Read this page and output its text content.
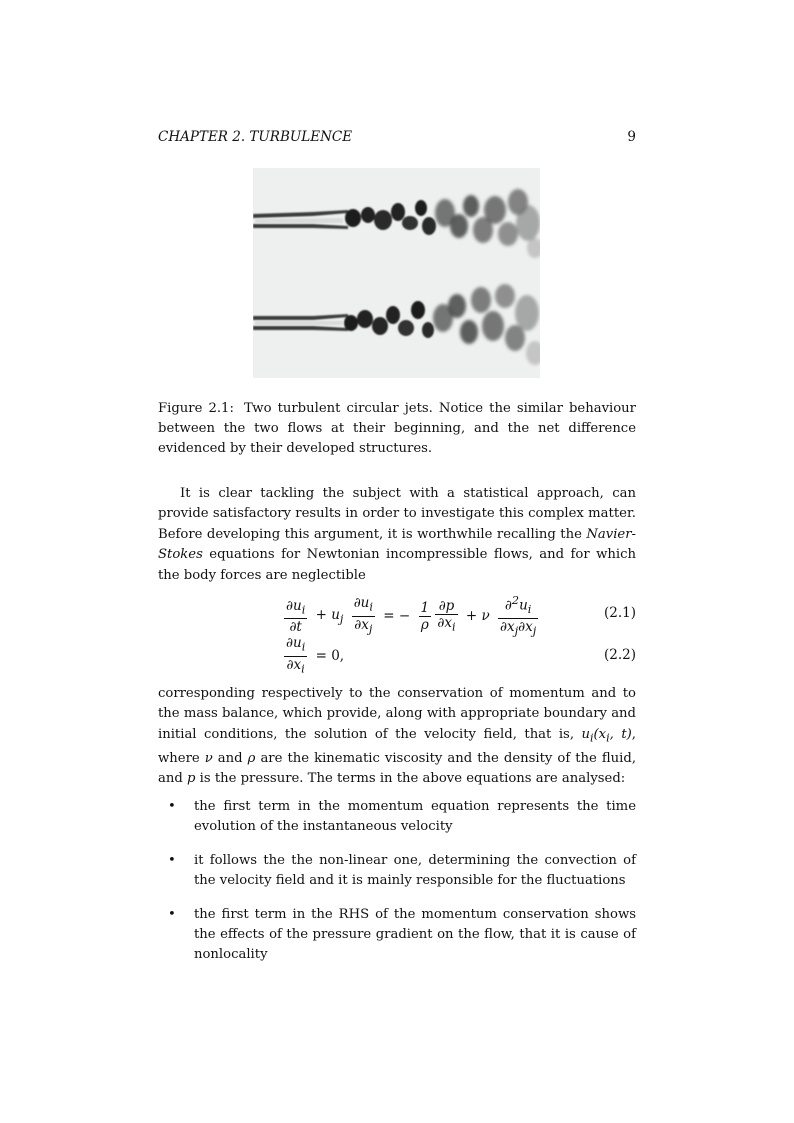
CHAPTER 2. TURBULENCE	9
Figure 2.1: Two turbulent circular jets. Notice the similar behaviour between the two flows at their beginning, and the net difference evidenced by their developed structures.
It is clear tackling the subject with a statistical approach, can provide satisfactory results in order to investigate this complex matter. Before developing this argument, it is worthwhile recalling the Navier-Stokes equations for Newtonian incompressible flows, and for which the body forces are neglectible
$\frac{\partial u_i}{\partial t} + u_j \frac{\partial u_i}{\partial x_j}$ = − $\frac{1}{\rho}$
$\frac{\partial p}{\partial x_i} + \nu \frac{\partial^2u_i}{\partial x_j\partial x_j}$	(2.1)
$\frac{\partial u_i}{\partial x_i} = 0$,	(2.2)
corresponding respectively to the conservation of momentum and to the mass balance, which provide, along with appropriate boundary and initial conditions, the solution of the velocity field, that is, $u_i(x_i$, t), where ν and ρ are the kinematic viscosity and the density of the fluid, and p is the pressure. The terms in the above equations are analysed:
• the first term in the momentum equation represents the time evolution of the instantaneous velocity
• it follows the the non-linear one, determining the convection of the velocity field and it is mainly responsible for the fluctuations
• the first term in the RHS of the momentum conservation shows the effects of the pressure gradient on the flow, that it is cause of nonlocality
